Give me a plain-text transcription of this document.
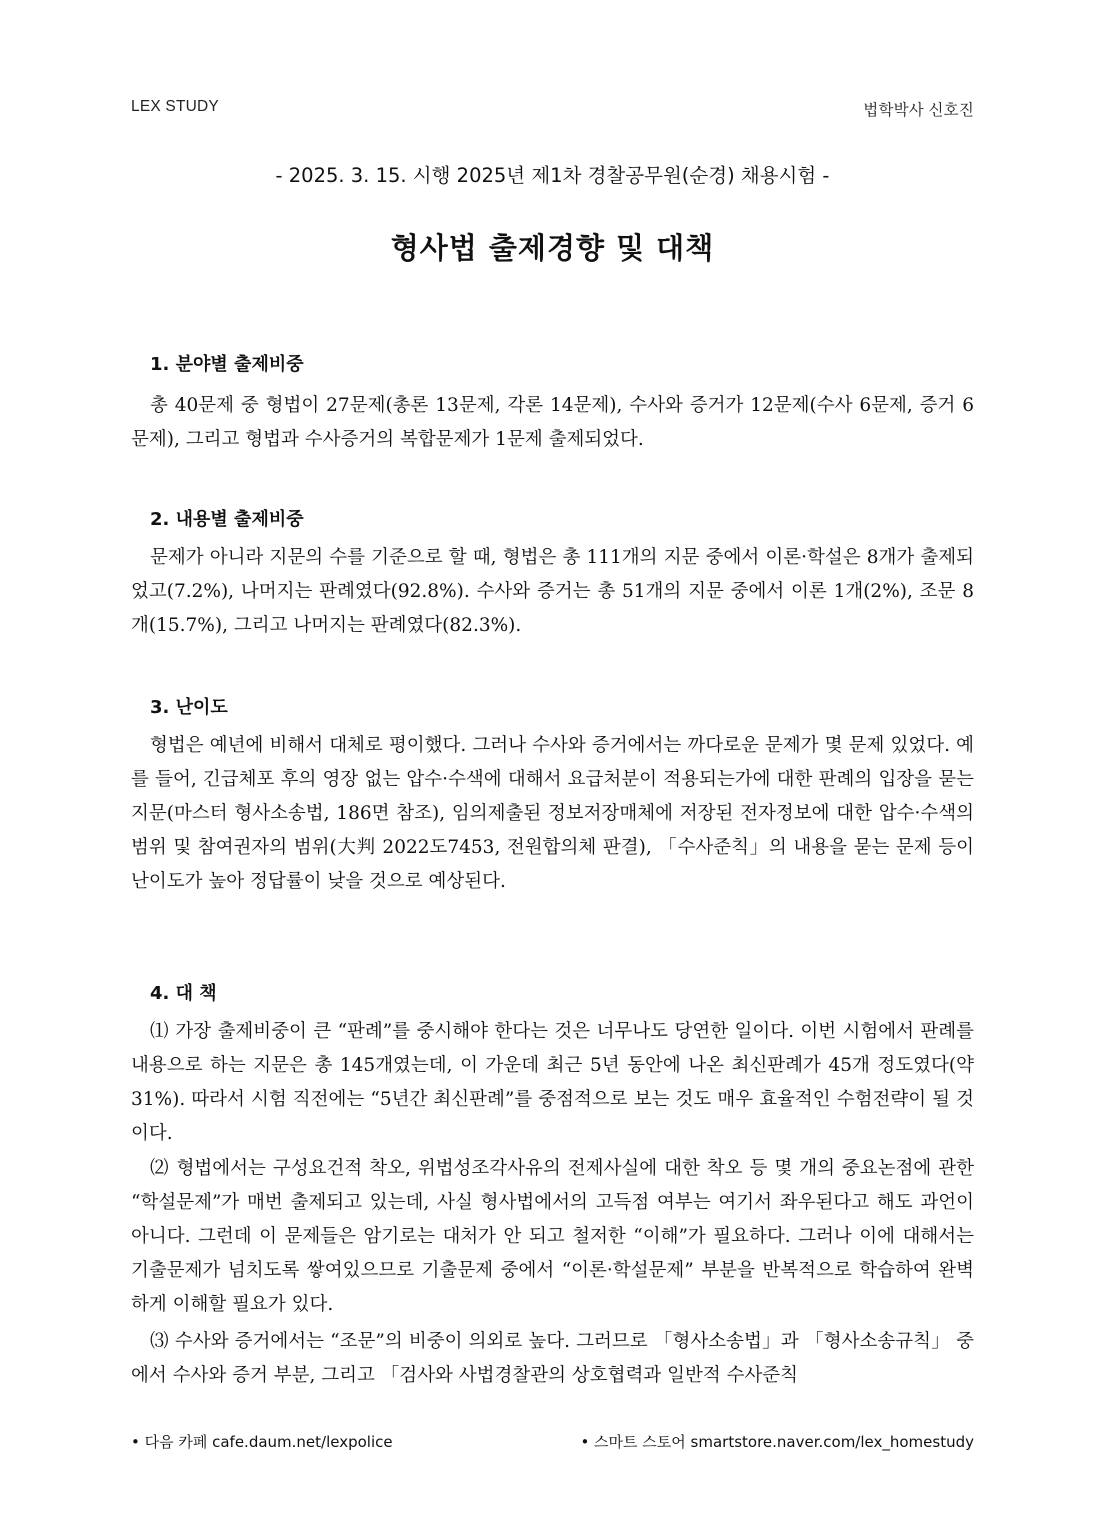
LEX STUDY	법학박사 신호진
- 2025. 3. 15. 시행 2025년 제1차 경찰공무원(순경) 채용시험 -
형사법 출제경향 및 대책
1. 분야별 출제비중

총 40문제 중 형법이 27문제(총론 13문제, 각론 14문제), 수사와 증거가 12문제(수사 6문제, 증거 6문제), 그리고 형법과 수사증거의 복합문제가 1문제 출제되었다.

2. 내용별 출제비중

문제가 아니라 지문의 수를 기준으로 할 때, 형법은 총 111개의 지문 중에서 이론·학설은 8개가 출제되었고(7.2%), 나머지는 판례였다(92.8%). 수사와 증거는 총 51개의 지문 중에서 이론 1개(2%), 조문 8개(15.7%), 그리고 나머지는 판례였다(82.3%).

3. 난이도

형법은 예년에 비해서 대체로 평이했다. 그러나 수사와 증거에서는 까다로운 문제가 몇 문제 있었다. 예를 들어, 긴급체포 후의 영장 없는 압수·수색에 대해서 요급처분이 적용되는가에 대한 판례의 입장을 묻는 지문(마스터 형사소송법, 186면 참조), 임의제출된 정보저장매체에 저장된 전자정보에 대한 압수·수색의 범위 및 참여권자의 범위(大判 2022도7453, 전원합의체 판결), 「수사준칙」의 내용을 묻는 문제 등이 난이도가 높아 정답률이 낮을 것으로 예상된다.

4. 대 책

⑴ 가장 출제비중이 큰 “판례”를 중시해야 한다는 것은 너무나도 당연한 일이다. 이번 시험에서 판례를 내용으로 하는 지문은 총 145개였는데, 이 가운데 최근 5년 동안에 나온 최신판례가 45개 정도였다(약 31%). 따라서 시험 직전에는 “5년간 최신판례”를 중점적으로 보는 것도 매우 효율적인 수험전략이 될 것이다.

⑵ 형법에서는 구성요건적 착오, 위법성조각사유의 전제사실에 대한 착오 등 몇 개의 중요논점에 관한 “학설문제”가 매번 출제되고 있는데, 사실 형사법에서의 고득점 여부는 여기서 좌우된다고 해도 과언이 아니다. 그런데 이 문제들은 암기로는 대처가 안 되고 철저한 “이해”가 필요하다. 그러나 이에 대해서는 기출문제가 넘치도록 쌓여있으므로 기출문제 중에서 “이론·학설문제” 부분을 반복적으로 학습하여 완벽하게 이해할 필요가 있다.

⑶ 수사와 증거에서는 “조문”의 비중이 의외로 높다. 그러므로 「형사소송법」과 「형사소송규칙」 중에서 수사와 증거 부분, 그리고 「검사와 사법경찰관의 상호협력과 일반적 수사준칙

• 다음 카페 cafe.daum.net/lexpolice	• 스마트 스토어 smartstore.naver.com/lex_homestudy
